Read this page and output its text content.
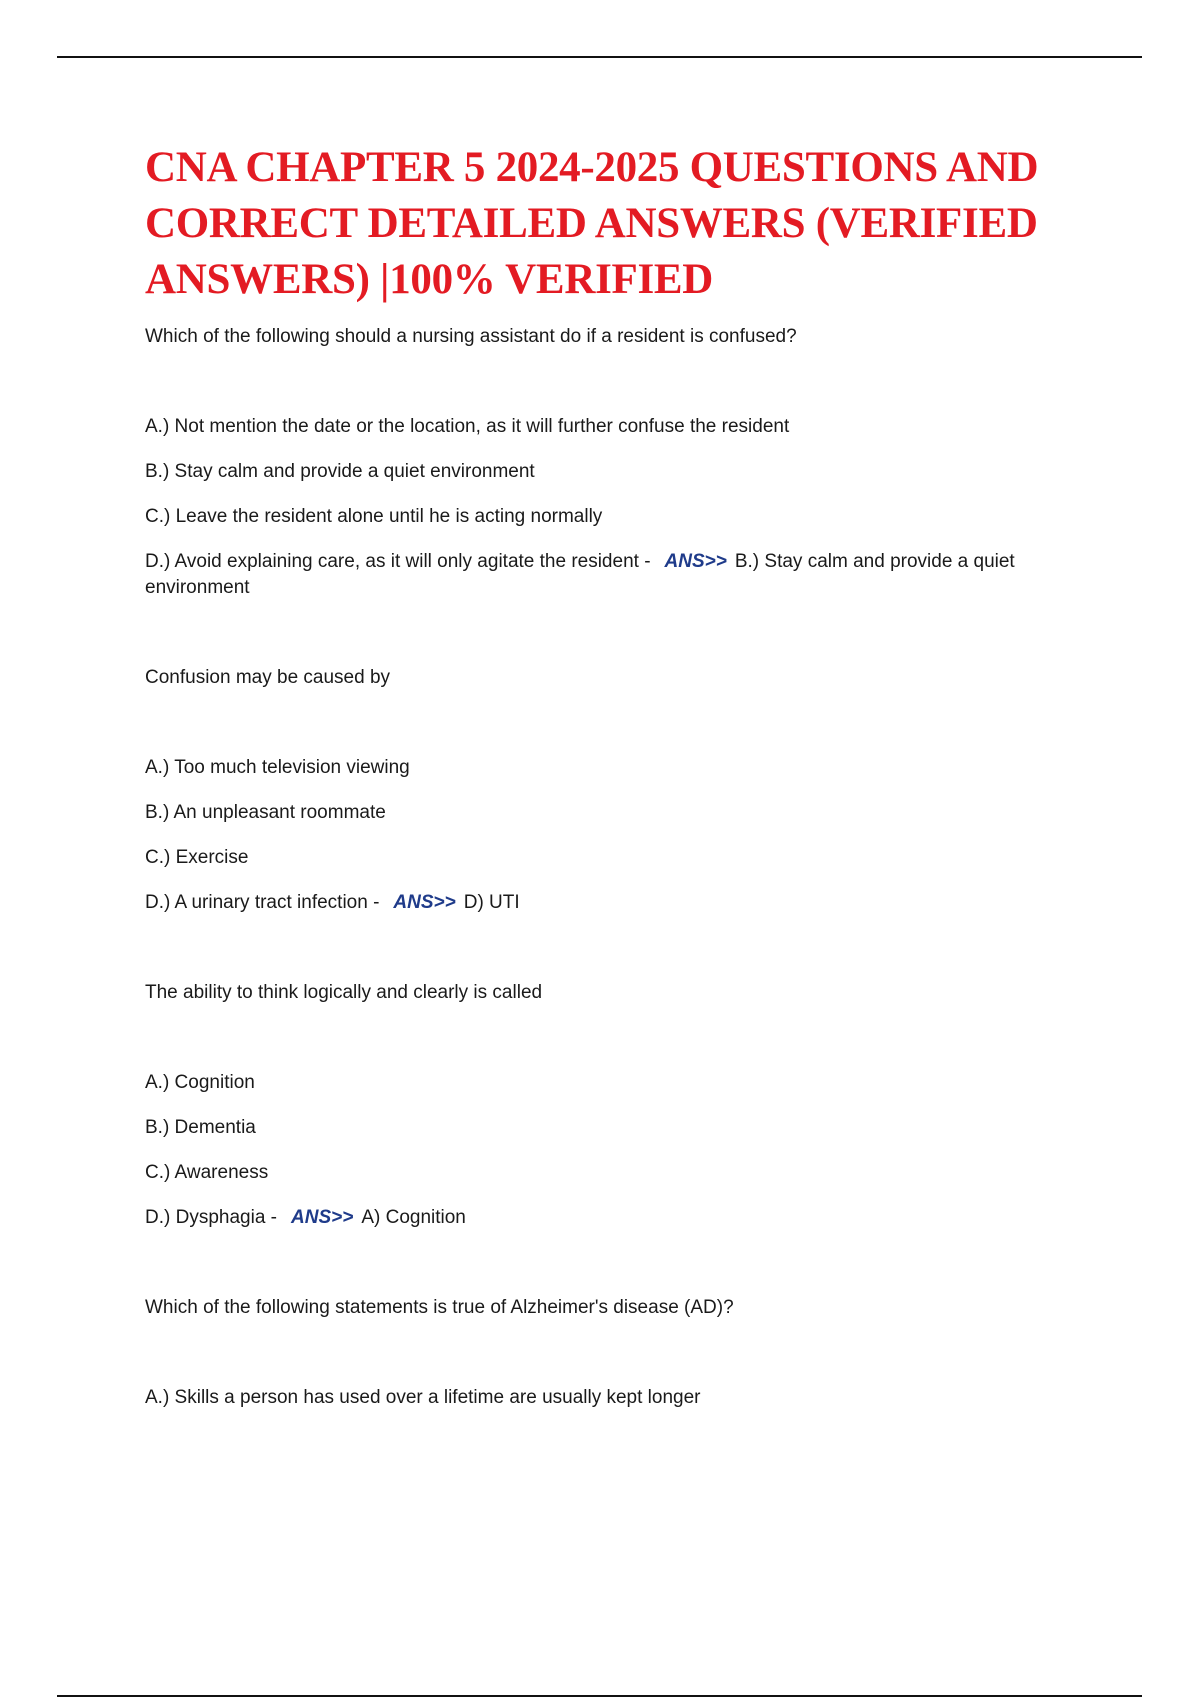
CNA CHAPTER 5 2024-2025 QUESTIONS AND CORRECT DETAILED ANSWERS (VERIFIED ANSWERS) |100% VERIFIED

Which of the following should a nursing assistant do if a resident is confused?

A.) Not mention the date or the location, as it will further confuse the resident

B.) Stay calm and provide a quiet environment

C.) Leave the resident alone until he is acting normally

D.) Avoid explaining care, as it will only agitate the resident - ANS>> B.) Stay calm and provide a quiet environment

Confusion may be caused by

A.) Too much television viewing

B.) An unpleasant roommate

C.) Exercise

D.) A urinary tract infection - ANS>> D) UTI

The ability to think logically and clearly is called

A.) Cognition

B.) Dementia

C.) Awareness

D.) Dysphagia - ANS>> A) Cognition

Which of the following statements is true of Alzheimer's disease (AD)?

A.) Skills a person has used over a lifetime are usually kept longer
